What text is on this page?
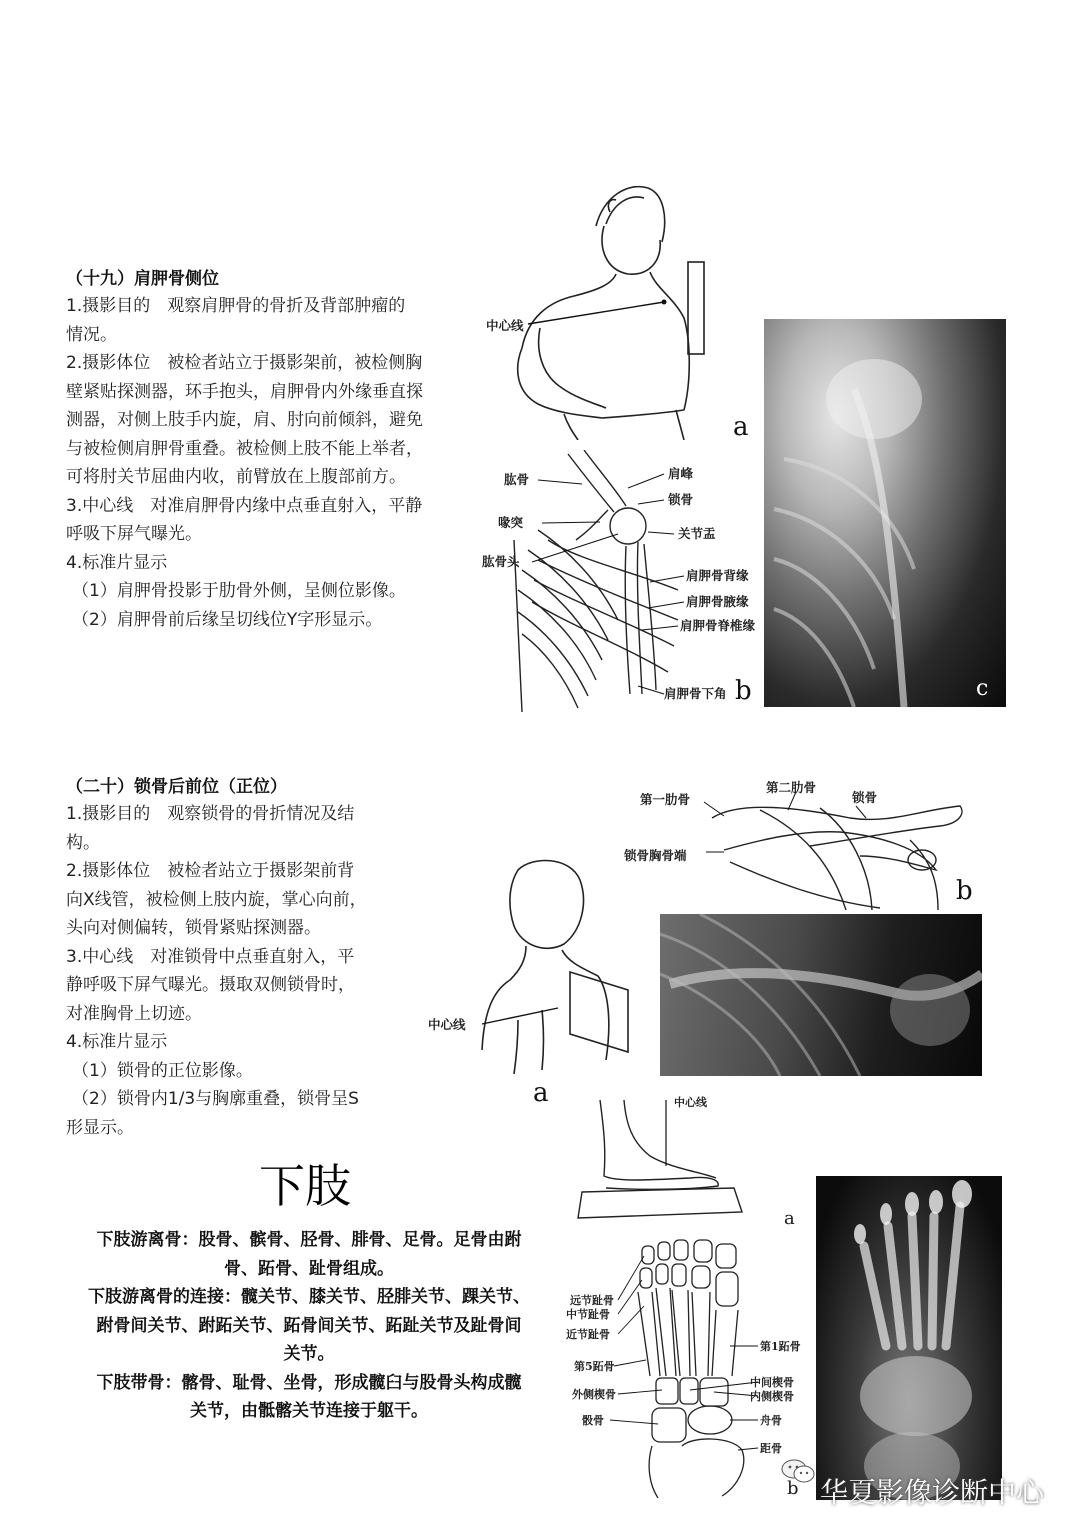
（十九）肩胛骨侧位
1.摄影目的　观察肩胛骨的骨折及背部肿瘤的
情况。
2.摄影体位　被检者站立于摄影架前，被检侧胸
壁紧贴探测器，环手抱头，肩胛骨内外缘垂直探
测器，对侧上肢手内旋，肩、肘向前倾斜，避免
与被检侧肩胛骨重叠。被检侧上肢不能上举者，
可将肘关节屈曲内收，前臂放在上腹部前方。
3.中心线　对准肩胛骨内缘中点垂直射入，平静
呼吸下屏气曝光。
4.标准片显示
（1）肩胛骨投影于肋骨外侧，呈侧位影像。
（2）肩胛骨前后缘呈切线位Y字形显示。
中心线
a
肱骨
喙突
肱骨头
肩峰
锁骨
关节盂
肩胛骨背缘
肩胛骨腋缘
肩胛骨脊椎缘
肩胛骨下角 b	c
（二十）锁骨后前位（正位）
1.摄影目的　观察锁骨的骨折情况及结
构。
2.摄影体位　被检者站立于摄影架前背
向X线管，被检侧上肢内旋，掌心向前，
头向对侧偏转，锁骨紧贴探测器。
3.中心线　对准锁骨中点垂直射入，平
静呼吸下屏气曝光。摄取双侧锁骨时，
对准胸骨上切迹。
4.标准片显示
（1）锁骨的正位影像。
（2）锁骨内1/3与胸廓重叠，锁骨呈S
形显示。
第一肋骨
第二肋骨
锁骨
锁骨胸骨端
b
中心线
a
下肢
下肢游离骨：股骨、髌骨、胫骨、腓骨、足骨。足骨由跗
骨、跖骨、趾骨组成。
下肢游离骨的连接：髋关节、膝关节、胫腓关节、踝关节、
跗骨间关节、跗跖关节、跖骨间关节、跖趾关节及趾骨间
关节。
下肢带骨：髂骨、耻骨、坐骨，形成髋臼与股骨头构成髋
关节，由骶髂关节连接于躯干。
中心线
a
远节趾骨
中节趾骨
近节趾骨
第5跖骨
外侧楔骨
骰骨
第1跖骨
中间楔骨
内侧楔骨
舟骨
距骨
华夏影像诊断中心
b
